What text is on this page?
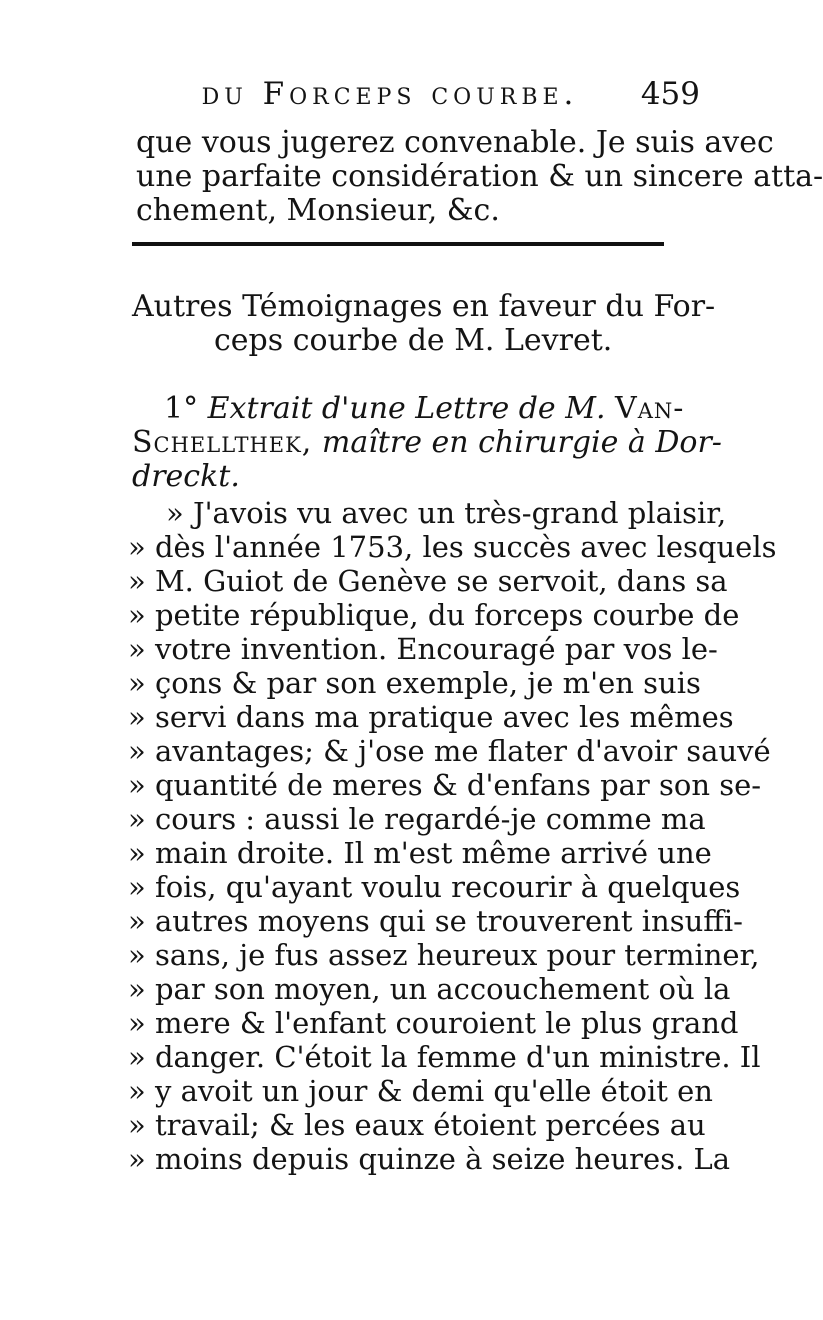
du Forceps courbe.	459
que vous jugerez convenable. Je suis avec
une parfaite considération & un sincere atta-
chement, Monsieur, &c.
Autres Témoignages en faveur du For-
ceps courbe de M. Levret.
1° Extrait d'une Lettre de M. Van-
Schellthek, maître en chirurgie à Dor-
dreckt.
» J'avois vu avec un très-grand plaisir,
» dès l'année 1753, les succès avec lesquels
» M. Guiot de Genève se servoit, dans sa
» petite république, du forceps courbe de
» votre invention. Encouragé par vos le-
» çons & par son exemple, je m'en suis
» servi dans ma pratique avec les mêmes
» avantages; & j'ose me flater d'avoir sauvé
» quantité de meres & d'enfans par son se-
» cours : aussi le regardé-je comme ma
» main droite. Il m'est même arrivé une
» fois, qu'ayant voulu recourir à quelques
» autres moyens qui se trouverent insuffi-
» sans, je fus assez heureux pour terminer,
» par son moyen, un accouchement où la
» mere & l'enfant couroient le plus grand
» danger. C'étoit la femme d'un ministre. Il
» y avoit un jour & demi qu'elle étoit en
» travail; & les eaux étoient percées au
» moins depuis quinze à seize heures. La
